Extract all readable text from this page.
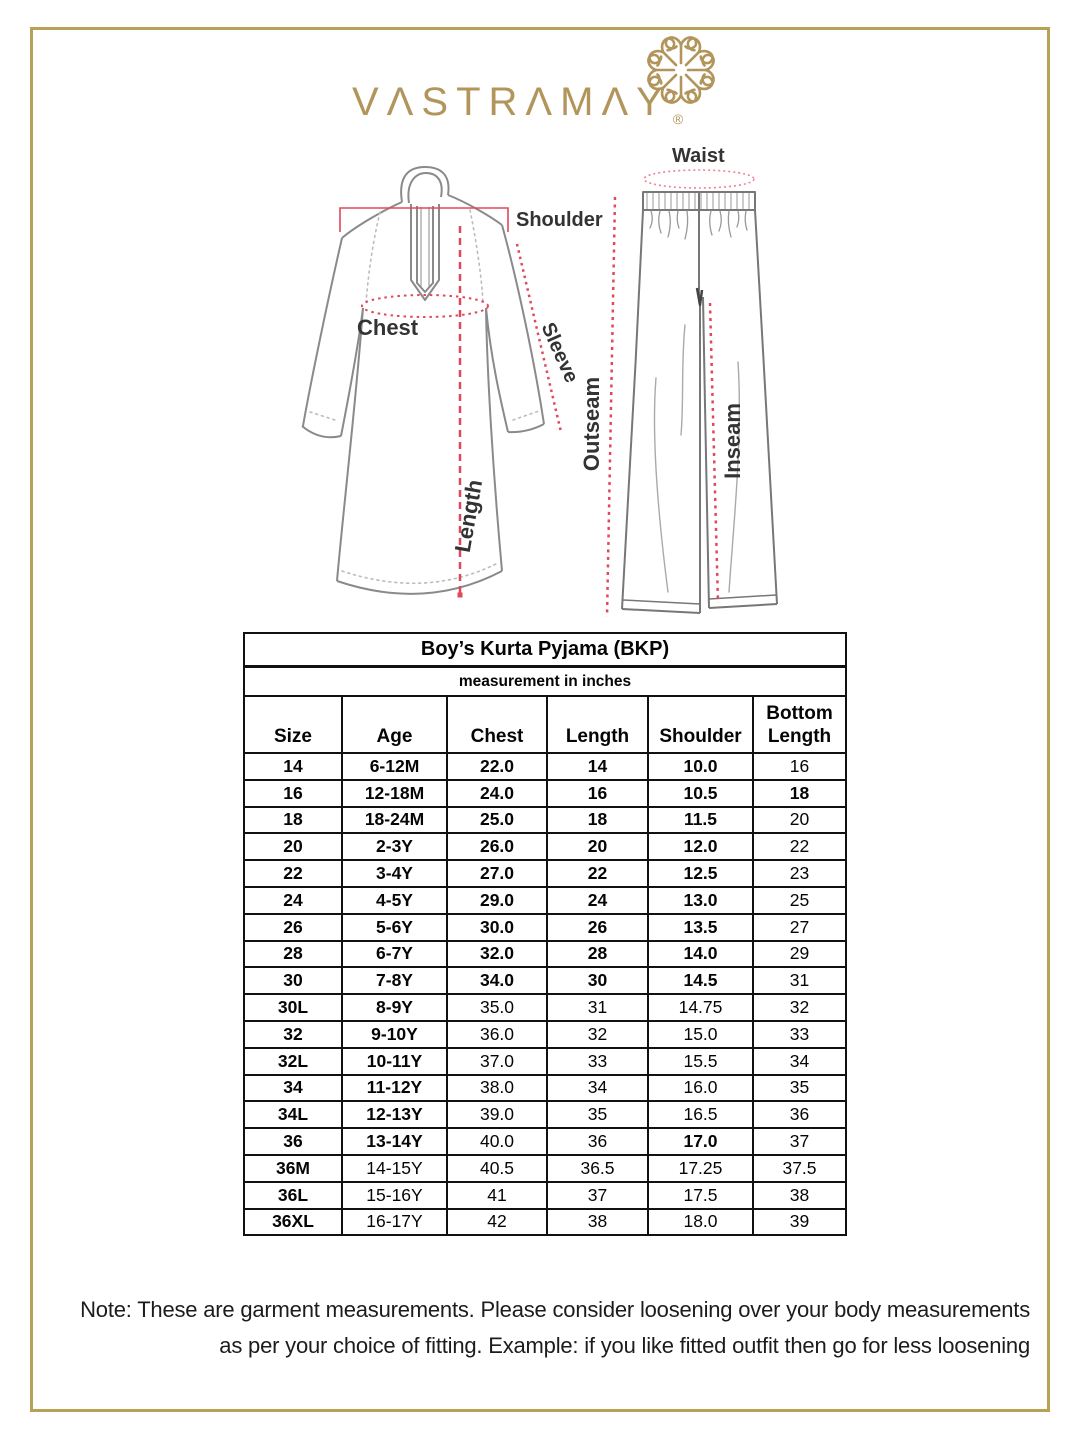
VΛSTRΛMΛY $_®$
Shoulder
Chest	Sleeve
Length
Waist
Outseam	Inseam
Boy’s Kurta Pyjama (BKP)					
measurement in inches					
Size	Age	Chest	Length	Shoulder	Bottom Length
14	6-12M	22.0	14	10.0	16
16	12-18M	24.0	16	10.5	18
18	18-24M	25.0	18	11.5	20
20	2-3Y	26.0	20	12.0	22
22	3-4Y	27.0	22	12.5	23
24	4-5Y	29.0	24	13.0	25
26	5-6Y	30.0	26	13.5	27
28	6-7Y	32.0	28	14.0	29
30	7-8Y	34.0	30	14.5	31
30L	8-9Y	35.0	31	14.75	32
32	9-10Y	36.0	32	15.0	33
32L	10-11Y	37.0	33	15.5	34
34	11-12Y	38.0	34	16.0	35
34L	12-13Y	39.0	35	16.5	36
36	13-14Y	40.0	36	17.0	37
36M	14-15Y	40.5	36.5	17.25	37.5
36L	15-16Y	41	37	17.5	38
36XL	16-17Y	42	38	18.0	39
Note: These are garment measurements. Please consider loosening over your body measurements
as per your choice of fitting. Example: if you like fitted outfit then go for less loosening
